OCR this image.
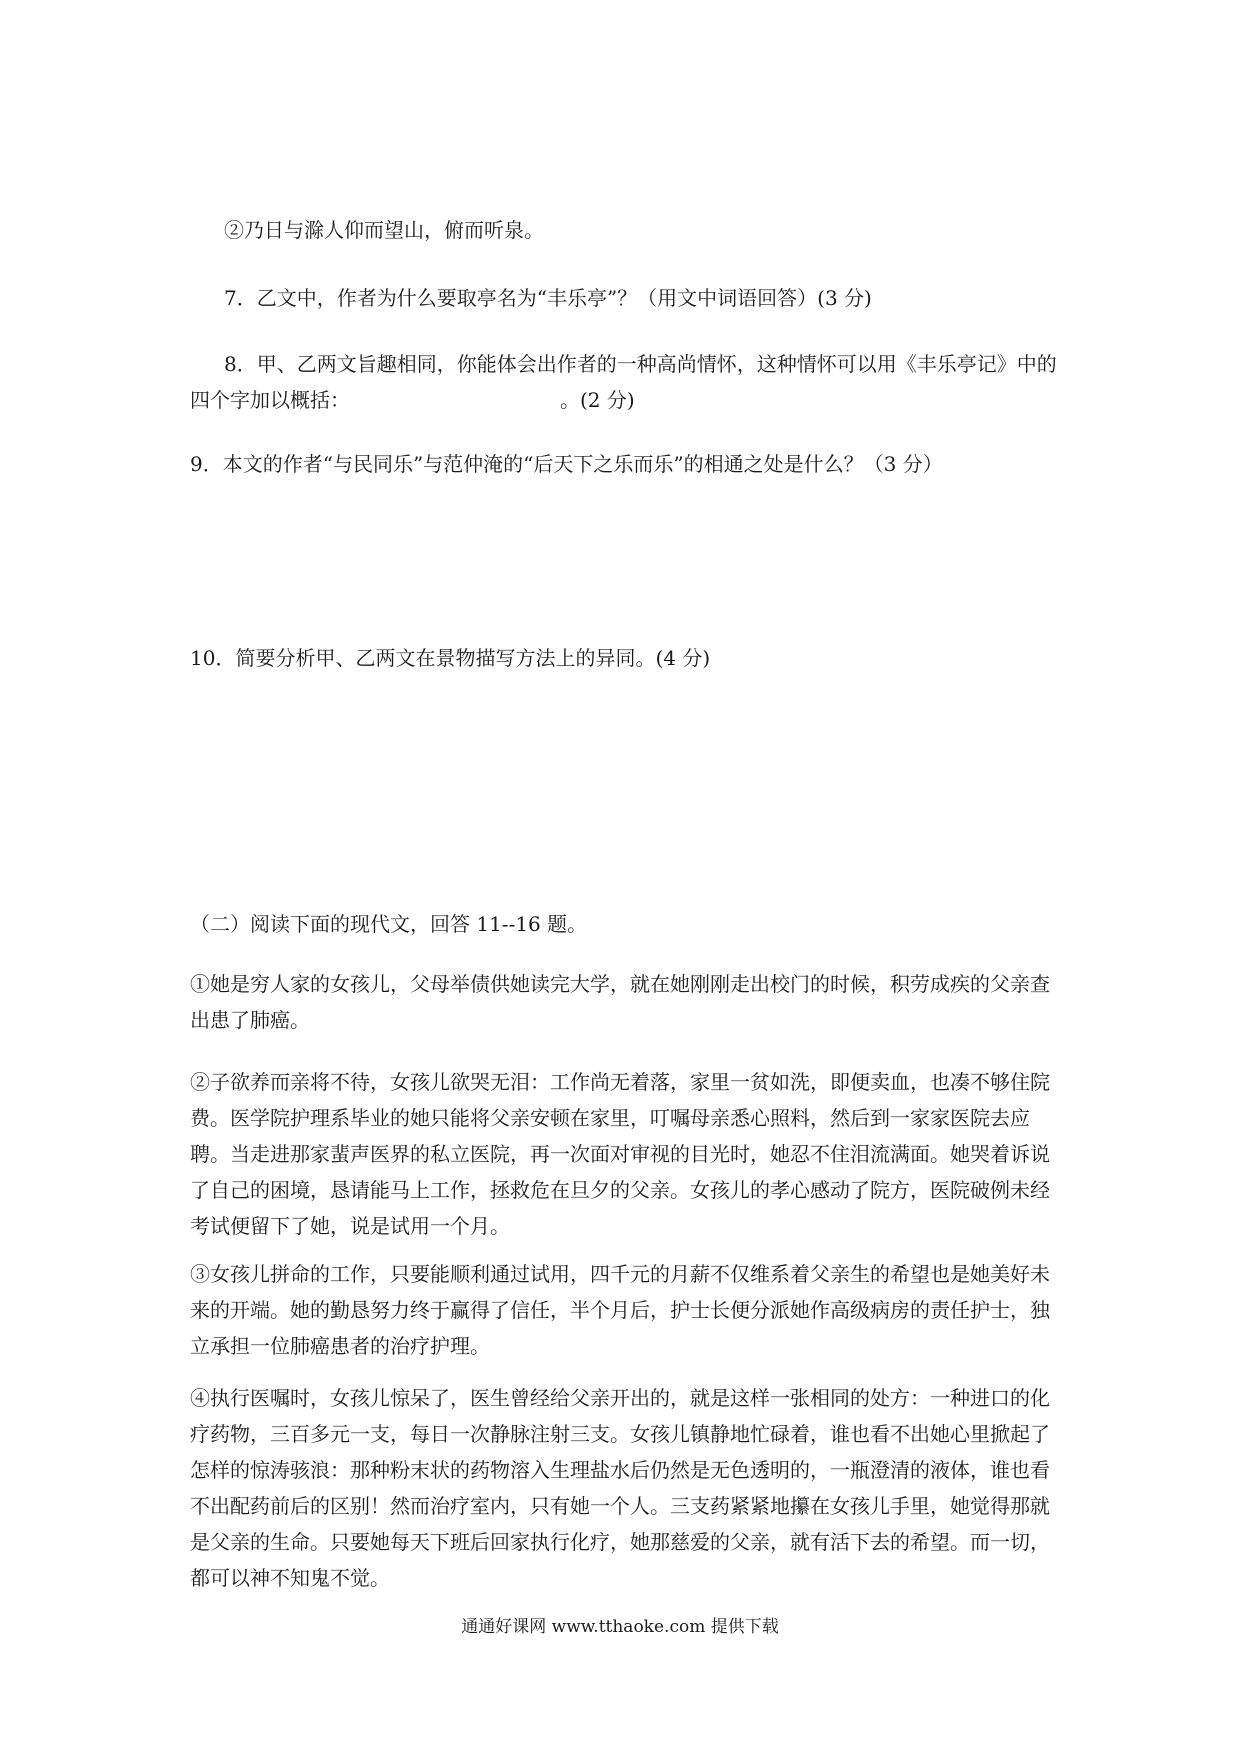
②乃日与滁人仰而望山，俯而听泉。
7．乙文中，作者为什么要取亭名为“丰乐亭”？（用文中词语回答）(3 分)
8．甲、乙两文旨趣相同，你能体会出作者的一种高尚情怀，这种情怀可以用《丰乐亭记》中的四个字加以概括：	。(2 分)
9．本文的作者“与民同乐”与范仲淹的“后天下之乐而乐”的相通之处是什么？（3 分）
10．简要分析甲、乙两文在景物描写方法上的异同。(4 分)
（二）阅读下面的现代文，回答 11--16 题。
①她是穷人家的女孩儿，父母举债供她读完大学，就在她刚刚走出校门的时候，积劳成疾的父亲查出患了肺癌。
②子欲养而亲将不待，女孩儿欲哭无泪：工作尚无着落，家里一贫如洗，即便卖血，也凑不够住院费。医学院护理系毕业的她只能将父亲安顿在家里，叮嘱母亲悉心照料，然后到一家家医院去应聘。当走进那家蜚声医界的私立医院，再一次面对审视的目光时，她忍不住泪流满面。她哭着诉说了自己的困境，恳请能马上工作，拯救危在旦夕的父亲。女孩儿的孝心感动了院方，医院破例未经考试便留下了她，说是试用一个月。
③女孩儿拼命的工作，只要能顺利通过试用，四千元的月薪不仅维系着父亲生的希望也是她美好未来的开端。她的勤恳努力终于赢得了信任，半个月后，护士长便分派她作高级病房的责任护士，独立承担一位肺癌患者的治疗护理。
④执行医嘱时，女孩儿惊呆了，医生曾经给父亲开出的，就是这样一张相同的处方：一种进口的化疗药物，三百多元一支，每日一次静脉注射三支。女孩儿镇静地忙碌着，谁也看不出她心里掀起了怎样的惊涛骇浪：那种粉末状的药物溶入生理盐水后仍然是无色透明的，一瓶澄清的液体，谁也看不出配药前后的区别！然而治疗室内，只有她一个人。三支药紧紧地攥在女孩儿手里，她觉得那就是父亲的生命。只要她每天下班后回家执行化疗，她那慈爱的父亲，就有活下去的希望。而一切，都可以神不知鬼不觉。
通通好课网 www.tthaoke.com 提供下载
